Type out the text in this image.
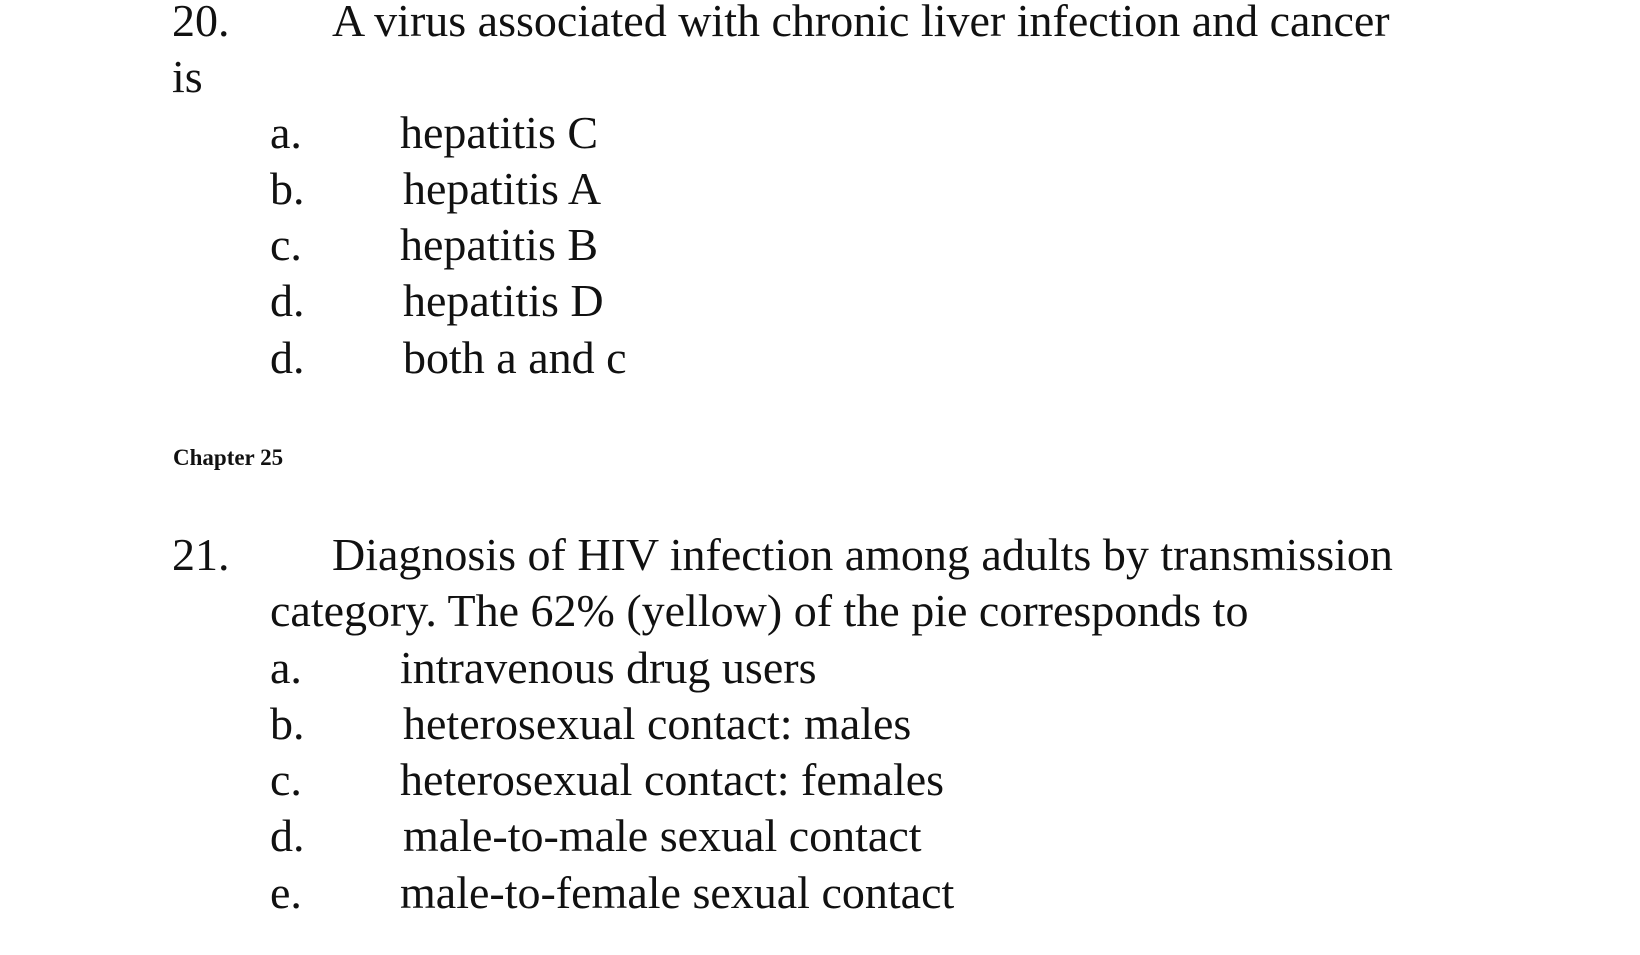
20. A virus associated with chronic liver infection and cancer
is
a. hepatitis C
b. hepatitis A
c. hepatitis B
d. hepatitis D
d. both a and c
Chapter 25
21. Diagnosis of HIV infection among adults by transmission
category. The 62% (yellow) of the pie corresponds to
a. intravenous drug users
b. heterosexual contact: males
c. heterosexual contact: females
d. male-to-male sexual contact
e. male-to-female sexual contact
